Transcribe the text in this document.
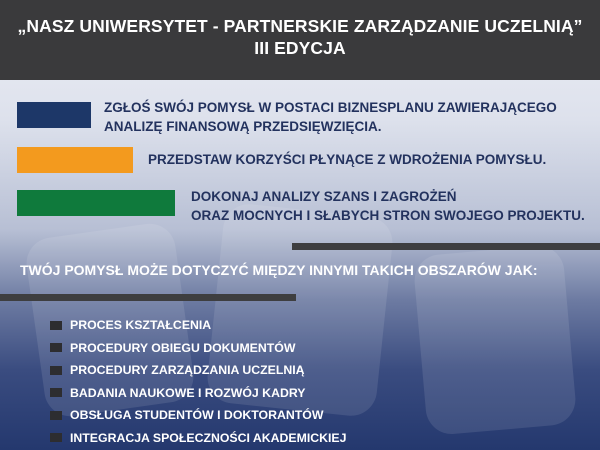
„NASZ UNIWERSYTET - PARTNERSKIE ZARZĄDZANIE UCZELNIĄ”
III EDYCJA
ZGŁOŚ SWÓJ POMYSŁ W POSTACI BIZNESPLANU ZAWIERAJĄCEGO
ANALIZĘ FINANSOWĄ PRZEDSIĘWZIĘCIA.
PRZEDSTAW KORZYŚCI PŁYNĄCE Z WDROŻENIA POMYSŁU.
DOKONAJ ANALIZY SZANS I ZAGROŻEŃ
ORAZ MOCNYCH I SŁABYCH STRON SWOJEGO PROJEKTU.
TWÓJ POMYSŁ MOŻE DOTYCZYĆ MIĘDZY INNYMI TAKICH OBSZARÓW JAK:
PROCES KSZTAŁCENIA
PROCEDURY OBIEGU DOKUMENTÓW
PROCEDURY ZARZĄDZANIA UCZELNIĄ
BADANIA NAUKOWE I ROZWÓJ KADRY
OBSŁUGA STUDENTÓW I DOKTORANTÓW
INTEGRACJA SPOŁECZNOŚCI AKADEMICKIEJ
